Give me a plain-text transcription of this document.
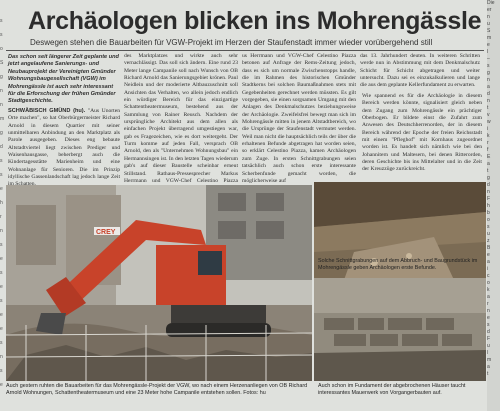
s
s
o
S
g
n
n
m
g
d
s
s
e
h
r
n
s
e
s
e
s
e
e
s
n
s
e
Archäologen blicken ins Mohrengässle
Deswegen stehen die Bauarbeiten für VGW-Projekt im Herzen der Staufenstadt immer wieder vorübergehend still
Das schon seit längerer Zeit geplante und jetzt angelaufene Sanierungs- und Neubauprojekt der Vereinigten Gmünder Wohnungsbaugesellschaft (VGW) im Mohrengässle ist auch sehr interessant für die Erforschung der frühen Gmünder Stadtgeschichte.
SCHWÄBISCH GMÜND (hu). "Aus Unorten Orte machen", so hat Oberbürgermeister Richard Arnold in diesem Quartier mit seiner unmittelbaren Anbindung an den Marktplatz als Parole ausgegeben. Dieses eng bebaute Altstadtviertel liegt zwischen Prediger und Waisenhausgasse, beherbergt auch die Kindertagesstätte Marienheim und eine Wohnanlage für Senioren. Die im Prinzip idyllische Gassenlandschaft lag jedoch lange Zeit
des Marktplatzes und wirkte auch sehr vernachlässigt. Das soll sich ändern. Eine rund 23 Meter lange Campanile soll nach Wunsch von OB Richard Arnold das Sanierungsgebiet krönen. Paul Neidlein und der moderierte Altbauzuschnitt soll Ansichten das Verhalten, wo allein jedoch endlich ein würdiger Bereich für das einzigartige Schattentheatermuseum, bestehend aus der Sammlung von Rainer Reusch. Nachdem der ursprüngliche Architekt aus dem allen als einfachen Projekt überragend umgestiegen war, gab es Fragezeichen, wie es dort weitergeht. Der Turm komme auf jeden Fall, versprach OB Arnold, den als "Unternehmen Wohnungsbau" ein Hermannsingen ist. In den letzten Tagen wiederum gab's auf dieser Baustelle scheinbar erneut Stillstand. Rathaus-Pressesprecher Markus Herrmann und VGW-Chef Celestino Piazza
us Herrmann und VGW-Chef Celestino Piazza betonen auf Anfrage der Rems-Zeitung jedoch, dass es sich um normale Zwischenstopps handle, die im Rahmen des historischen Gmünder Stadtkerns bei solchen Baumaßnahmen stets mit Gegebenheiten gerechnet werden müssten. Es gilt vorgegeben, sie einen sorgsamen Umgang mit den Anlagen des Denkmalschutzes beziehungsweise der Archäologie. Zweifelsfrei bewegt man sich im Mohrengässle mitten in jenem Altstadtbereich, wo die Ursprünge der Staufenstadt vermutet werden. Weil man nicht die hauptsächlich teils der über die erhaltenen Befunde abgetragen hat worden seien, so erklärt Celestino Piazza, kamen Archäologen zum Zuge. In ersten Schnittgrabungen seien tatsächlich auch schon erste interessante Scherbenfunde gemacht worden, die möglicherweise auf
das 13. Jahrhundert deuten. In weiteren Schritten werde nun in Abstimmung mit dem Denkmalschutz Schicht für Schicht abgetragen und weiter untersucht. Dazu sei es einzukalkulieren und lange die aus dem geplante Kellerfundament zu erwarten.
Wie spannend es für die Archäologie in diesem Bereich werden könnte, signalisiert gleich neben dem Zugang zum Mohrengässle ein prächtiger Oberbogen. Er bildete einst die Zufahrt zum Anwesen des Deutschherrenorden, der in diesem Bereich während der Epoche der freien Reichsstadt mit einem "Pfleghof" mit Kornhaus zugeordnet worden ist. Es handelt sich nämlich wie bei den Johannitern und Maltesern, bei denen Ritterorden, deren Geschichte bis ins Mittelalter und in die Zeit der Kreuzzüge zurückreicht.
CREY
Solche Schnittgrabungen auf dem Abbruch- und Baugrundstück im Mohrengässle geben Archäologen erste Befunde.
Auch gestern ruhten die Bauarbeiten für das Mohrengässle-Projekt der VGW, wo nach einem Herzenanliegen von OB Richard Arnold Wohnungen, Schattentheatermuseum und eine 23 Meter hohe Campanile entstehen sollen. Fotos: hu
Auch schon im Fundament der abgebrochenen Häuser taucht interessantes Mauerwerk von Vorgangerbauten auf.
Die
er
n
u
S
m
e
l
–
s
g
n
a
d
n
t
v
w
i
k
r
f
E
a
t
g
d
n
F
h
b
o
s
u
z
B
e
a
i
c
o
k
a
r
n
e
s
d
F
u
l
m
a
t
